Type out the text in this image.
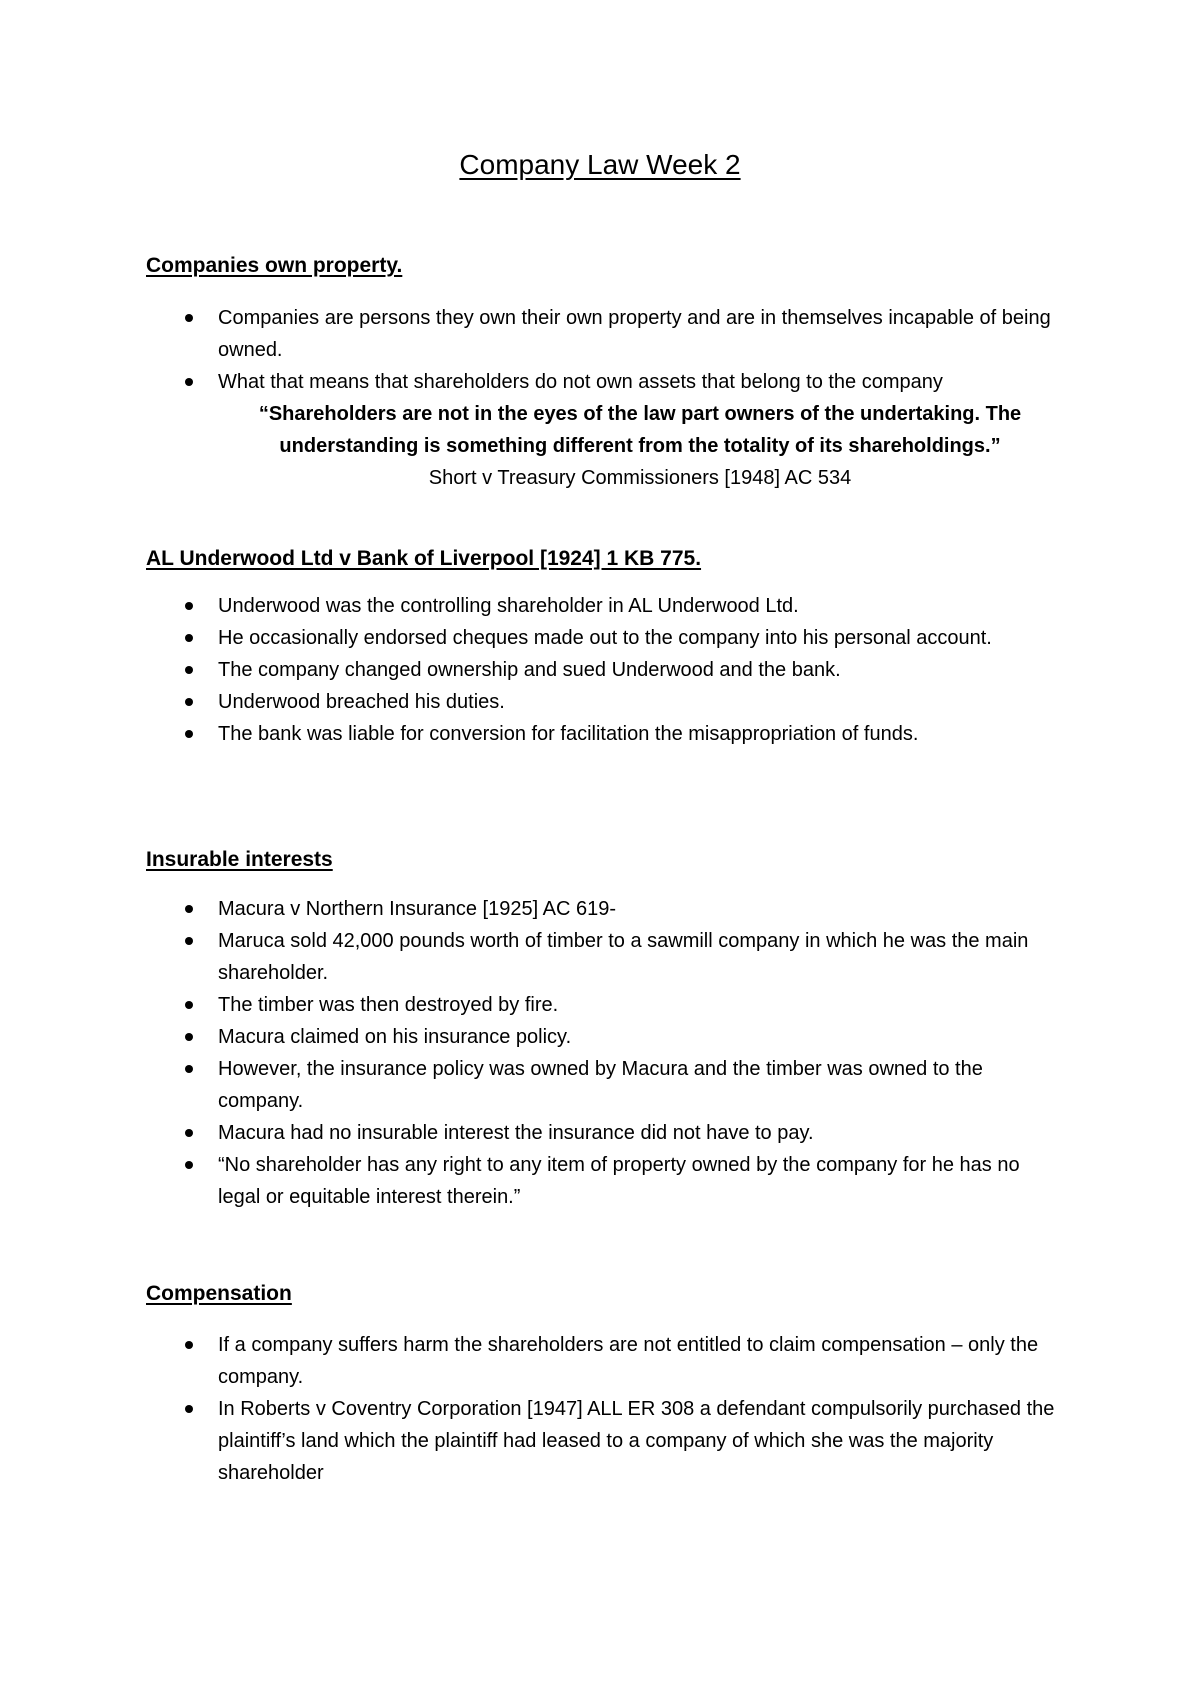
Company Law Week 2
Companies own property.
Companies are persons they own their own property and are in themselves incapable of being owned.
What that means that shareholders do not own assets that belong to the company
“Shareholders are not in the eyes of the law part owners of the undertaking. The understanding is something different from the totality of its shareholdings.”
Short v Treasury Commissioners [1948] AC 534
AL Underwood Ltd v Bank of Liverpool [1924] 1 KB 775.
Underwood was the controlling shareholder in AL Underwood Ltd.
He occasionally endorsed cheques made out to the company into his personal account.
The company changed ownership and sued Underwood and the bank.
Underwood breached his duties.
The bank was liable for conversion for facilitation the misappropriation of funds.
Insurable interests
Macura v Northern Insurance [1925] AC 619-
Maruca sold 42,000 pounds worth of timber to a sawmill company in which he was the main shareholder.
The timber was then destroyed by fire.
Macura claimed on his insurance policy.
However, the insurance policy was owned by Macura and the timber was owned to the company.
Macura had no insurable interest the insurance did not have to pay.
“No shareholder has any right to any item of property owned by the company for he has no legal or equitable interest therein.”
Compensation
If a company suffers harm the shareholders are not entitled to claim compensation – only the company.
In Roberts v Coventry Corporation [1947] ALL ER 308 a defendant compulsorily purchased the plaintiff’s land which the plaintiff had leased to a company of which she was the majority shareholder
